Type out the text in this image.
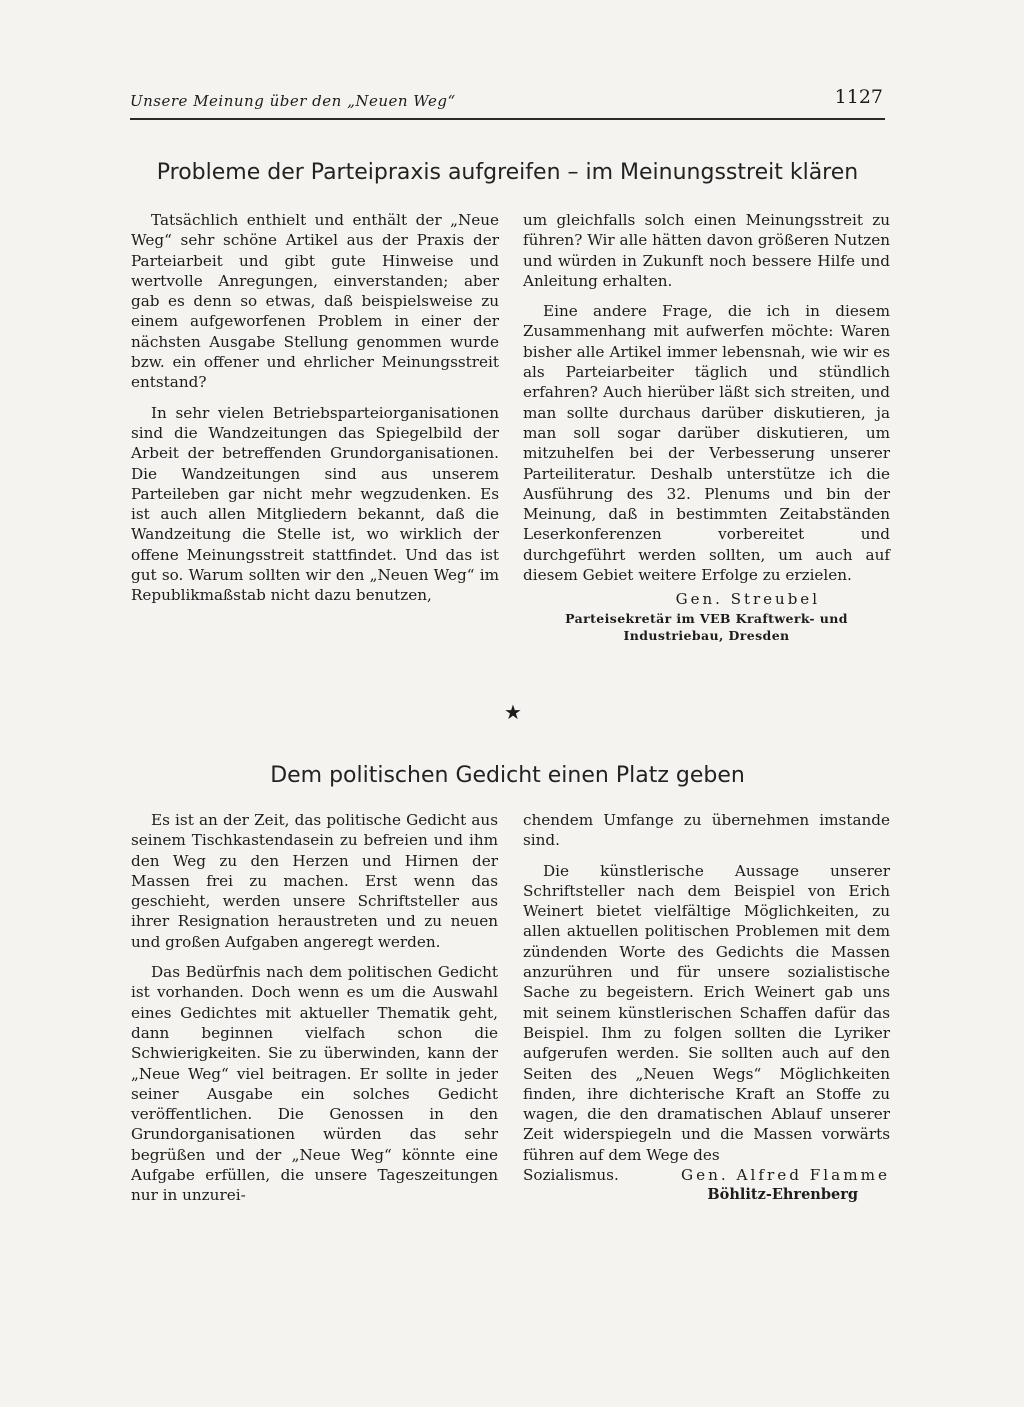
Unsere Meinung über den „Neuen Weg“	1127
Probleme der Parteipraxis aufgreifen – im Meinungsstreit klären

Tatsächlich enthielt und enthält der „Neue Weg“ sehr schöne Artikel aus der Praxis der Parteiarbeit und gibt gute Hinweise und wertvolle Anregungen, einverstanden; aber gab es denn so etwas, daß beispielsweise zu einem aufgeworfenen Problem in einer der nächsten Ausgabe Stellung genommen wurde bzw. ein offener und ehrlicher Meinungsstreit entstand?

In sehr vielen Betriebsparteiorganisationen sind die Wandzeitungen das Spiegelbild der Arbeit der betreffenden Grundorganisationen. Die Wandzeitungen sind aus unserem Parteileben gar nicht mehr wegzudenken. Es ist auch allen Mitgliedern bekannt, daß die Wandzeitung die Stelle ist, wo wirklich der offene Meinungsstreit stattfindet. Und das ist gut so. Warum sollten wir den „Neuen Weg“ im Republikmaßstab nicht dazu benutzen,

um gleichfalls solch einen Meinungsstreit zu führen? Wir alle hätten davon größeren Nutzen und würden in Zukunft noch bessere Hilfe und Anleitung erhalten.

Eine andere Frage, die ich in diesem Zusammenhang mit aufwerfen möchte: Waren bisher alle Artikel immer lebensnah, wie wir es als Parteiarbeiter täglich und stündlich erfahren? Auch hierüber läßt sich streiten, und man sollte durchaus darüber diskutieren, ja man soll sogar darüber diskutieren, um mitzuhelfen bei der Verbesserung unserer Parteiliteratur. Deshalb unterstütze ich die Ausführung des 32. Plenums und bin der Meinung, daß in bestimmten Zeitabständen Leserkonferenzen vorbereitet und durchgeführt werden sollten, um auch auf diesem Gebiet weitere Erfolge zu erzielen.

Gen. Streubel
Parteisekretär im VEB Kraftwerk- und
Industriebau, Dresden
★
Dem politischen Gedicht einen Platz geben

Es ist an der Zeit, das politische Gedicht aus seinem Tischkastendasein zu befreien und ihm den Weg zu den Herzen und Hirnen der Massen frei zu machen. Erst wenn das geschieht, werden unsere Schriftsteller aus ihrer Resignation heraustreten und zu neuen und großen Aufgaben angeregt werden.

Das Bedürfnis nach dem politischen Gedicht ist vorhanden. Doch wenn es um die Auswahl eines Gedichtes mit aktueller Thematik geht, dann beginnen vielfach schon die Schwierigkeiten. Sie zu überwinden, kann der „Neue Weg“ viel beitragen. Er sollte in jeder seiner Ausgabe ein solches Gedicht veröffentlichen. Die Genossen in den Grundorganisationen würden das sehr begrüßen und der „Neue Weg“ könnte eine Aufgabe erfüllen, die unsere Tageszeitungen nur in unzurei-

chendem Umfange zu übernehmen imstande sind.

Die künstlerische Aussage unserer Schriftsteller nach dem Beispiel von Erich Weinert bietet vielfältige Möglichkeiten, zu allen aktuellen politischen Problemen mit dem zündenden Worte des Gedichts die Massen anzurühren und für unsere sozialistische Sache zu begeistern. Erich Weinert gab uns mit seinem künstlerischen Schaffen dafür das Beispiel. Ihm zu folgen sollten die Lyriker aufgerufen werden. Sie sollten auch auf den Seiten des „Neuen Wegs“ Möglichkeiten finden, ihre dichterische Kraft an Stoffe zu wagen, die den dramatischen Ablauf unserer Zeit widerspiegeln und die Massen vorwärts führen auf dem Wege des

Sozialismus.	Gen. Alfred Flamme
Böhlitz-Ehrenberg
